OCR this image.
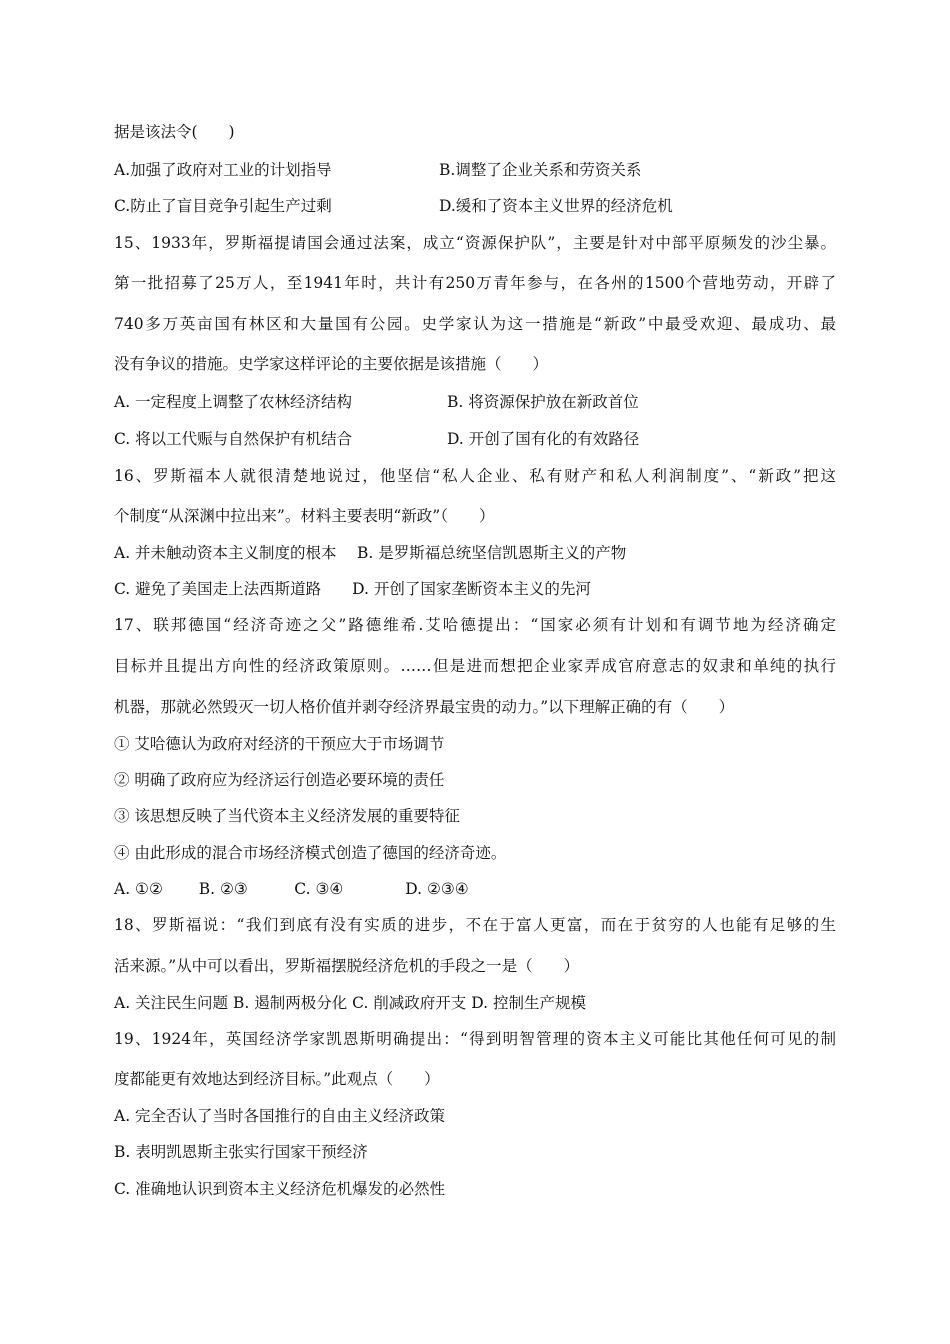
据是该法令(　　)
A.加强了政府对工业的计划指导	B.调整了企业关系和劳资关系
C.防止了盲目竞争引起生产过剩	D.缓和了资本主义世界的经济危机
15、1933年，罗斯福提请国会通过法案，成立“资源保护队”，主要是针对中部平原频发的沙尘暴。
第一批招募了25万人，至1941年时，共计有250万青年参与，在各州的1500个营地劳动，开辟了
740多万英亩国有林区和大量国有公园。史学家认为这一措施是“新政”中最受欢迎、最成功、最
没有争议的措施。史学家这样评论的主要依据是该措施（　　）
A. 一定程度上调整了农林经济结构	B. 将资源保护放在新政首位
C. 将以工代赈与自然保护有机结合	D. 开创了国有化的有效路径
16、罗斯福本人就很清楚地说过，他坚信“私人企业、私有财产和私人利润制度”、“新政”把这
个制度“从深渊中拉出来”。材料主要表明“新政”（　　）
A. 并未触动资本主义制度的根本　 B. 是罗斯福总统坚信凯恩斯主义的产物
C. 避免了美国走上法西斯道路　　D. 开创了国家垄断资本主义的先河
17、联邦德国“经济奇迹之父”路德维希.艾哈德提出：“国家必须有计划和有调节地为经济确定
目标并且提出方向性的经济政策原则。……但是进而想把企业家弄成官府意志的奴隶和单纯的执行
机器，那就必然毁灭一切人格价值并剥夺经济界最宝贵的动力。”以下理解正确的有（　　）
① 艾哈德认为政府对经济的干预应大于市场调节
② 明确了政府应为经济运行创造必要环境的责任
③ 该思想反映了当代资本主义经济发展的重要特征
④ 由此形成的混合市场经济模式创造了德国的经济奇迹。
A. ①②　　 B. ②③　　　C. ③④　　　　D. ②③④
18、罗斯福说：“我们到底有没有实质的进步，不在于富人更富，而在于贫穷的人也能有足够的生
活来源。”从中可以看出，罗斯福摆脱经济危机的手段之一是（　　）
A. 关注民生问题 B. 遏制两极分化 C. 削减政府开支 D. 控制生产规模
19、1924年，英国经济学家凯恩斯明确提出：“得到明智管理的资本主义可能比其他任何可见的制
度都能更有效地达到经济目标。”此观点（　　）
A. 完全否认了当时各国推行的自由主义经济政策
B. 表明凯恩斯主张实行国家干预经济
C. 准确地认识到资本主义经济危机爆发的必然性
